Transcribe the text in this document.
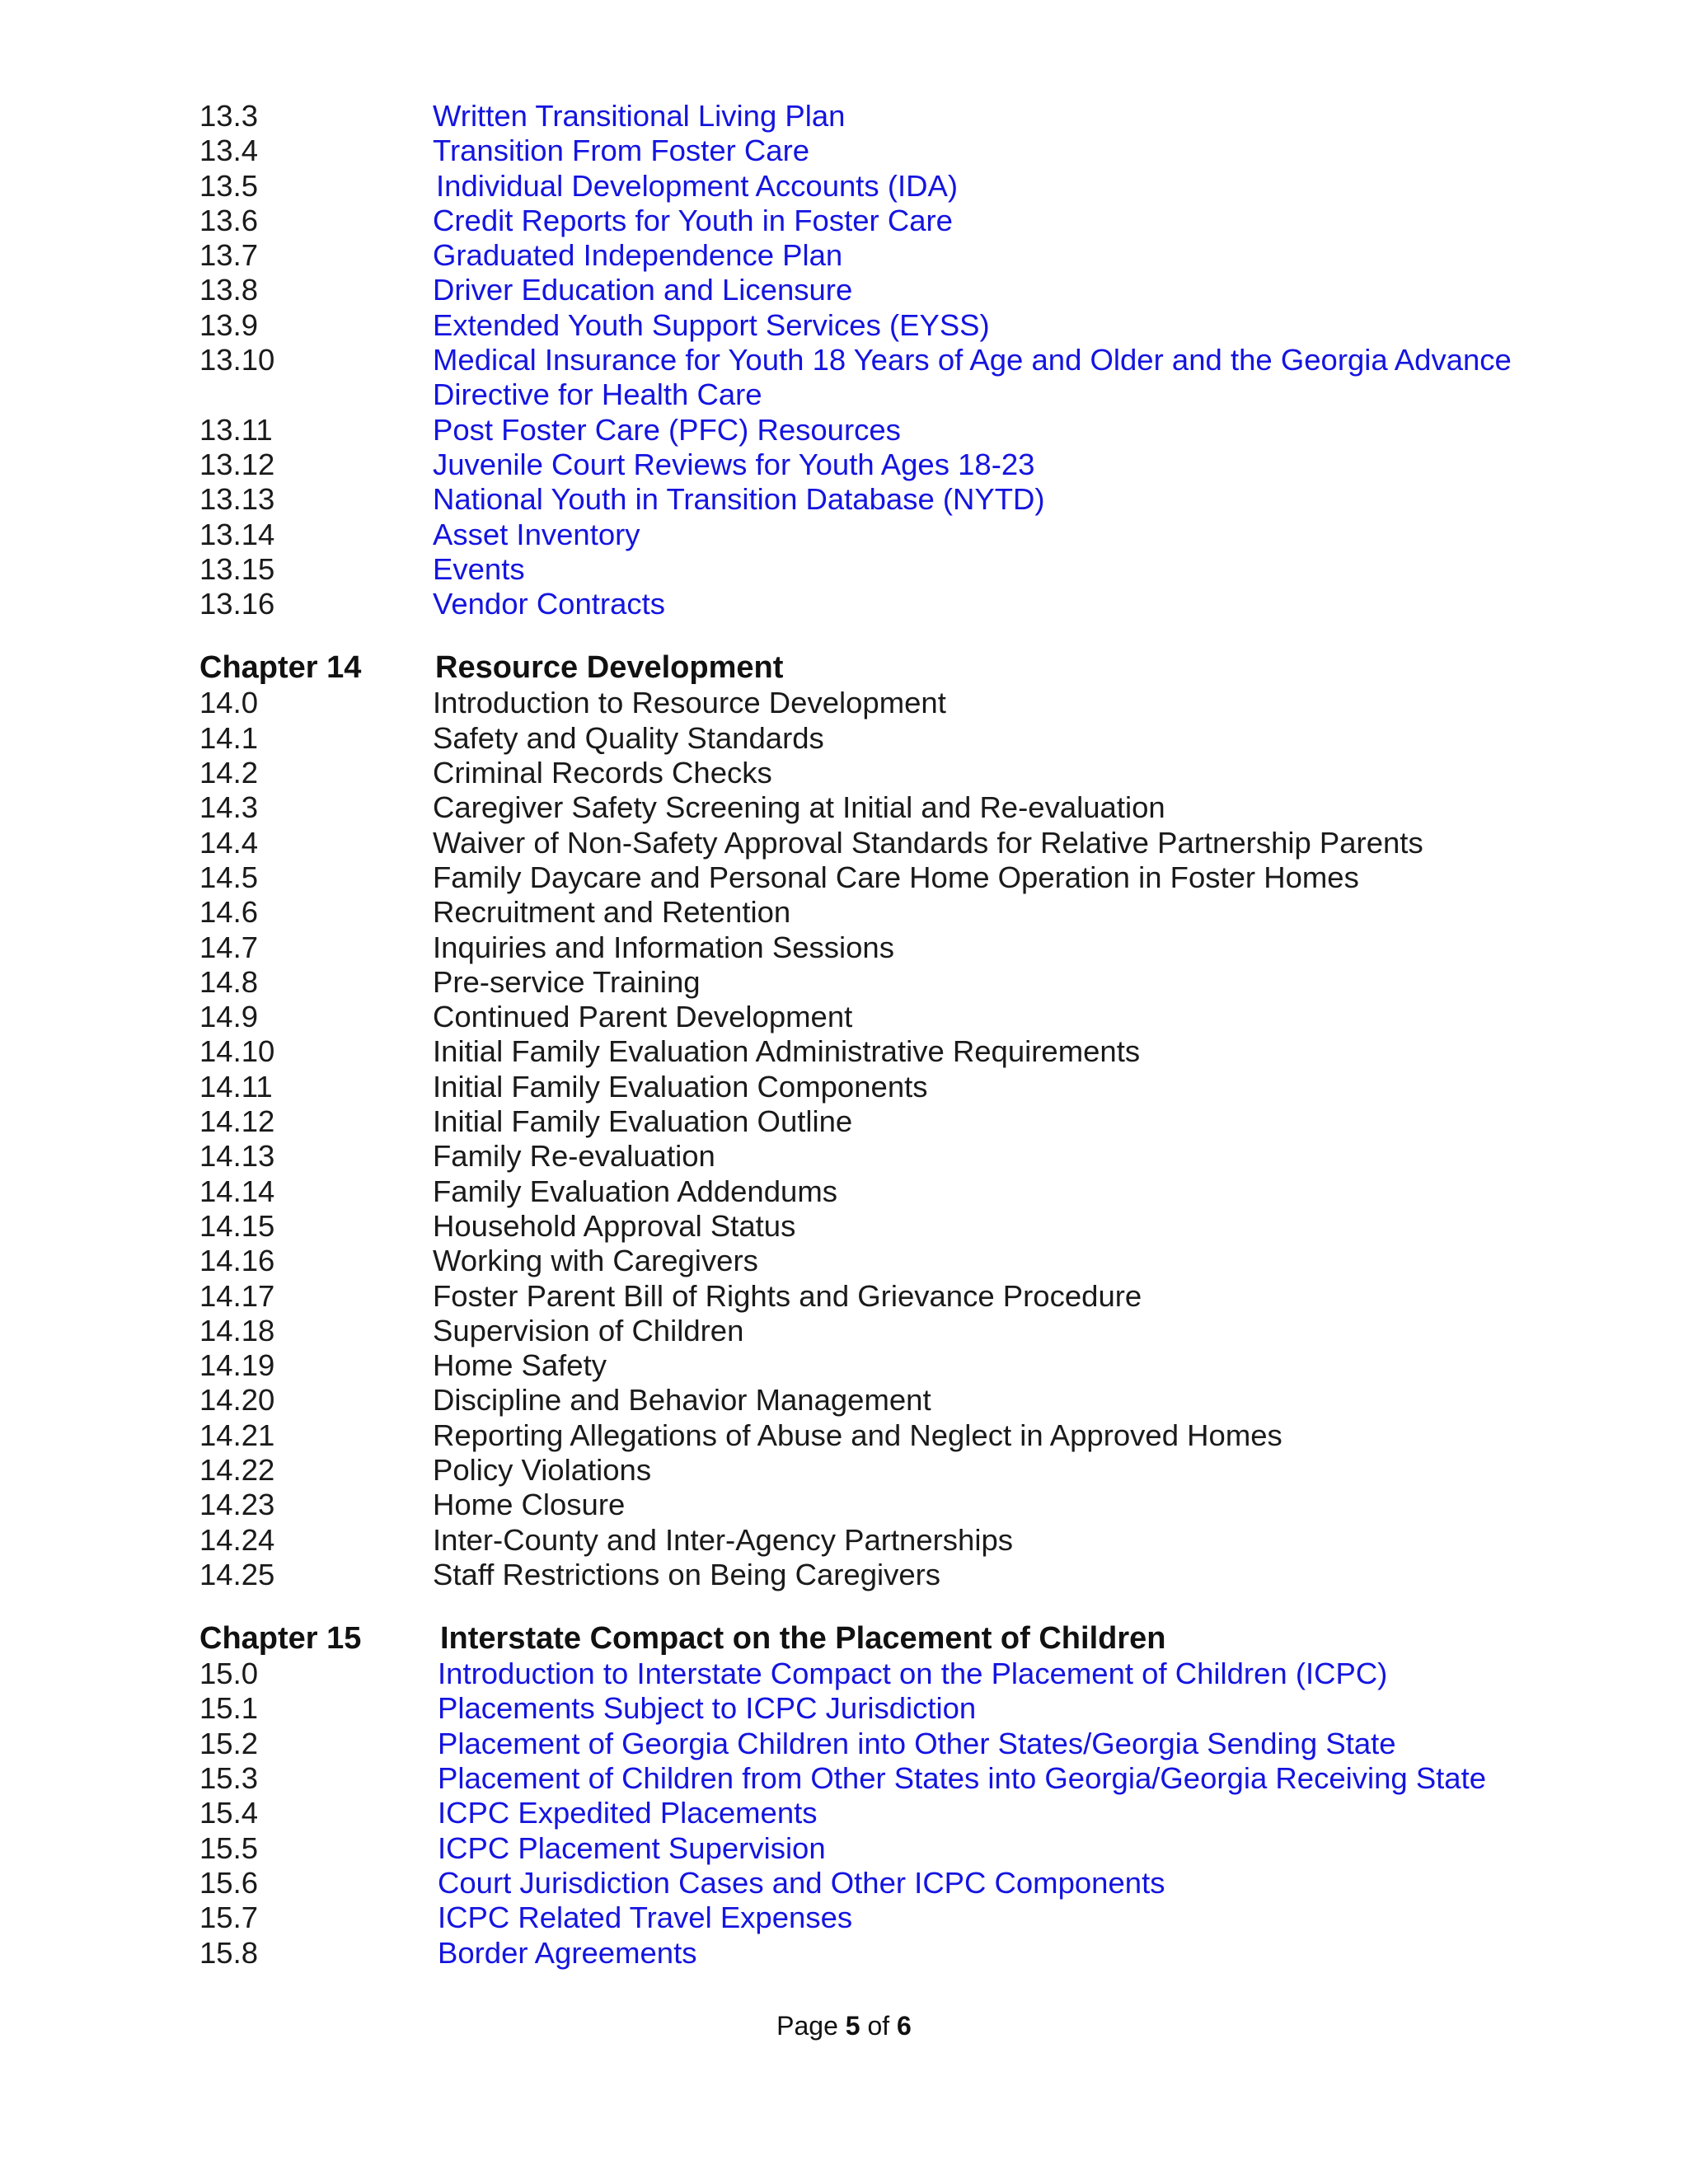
13.3	Written Transitional Living Plan
13.4	Transition From Foster Care
13.5	Individual Development Accounts (IDA)
13.6	Credit Reports for Youth in Foster Care
13.7	Graduated Independence Plan
13.8	Driver Education and Licensure
13.9	Extended Youth Support Services (EYSS)
13.10	Medical Insurance for Youth 18 Years of Age and Older and the Georgia Advance Directive for Health Care
13.11	Post Foster Care (PFC) Resources
13.12	Juvenile Court Reviews for Youth Ages 18-23
13.13	National Youth in Transition Database (NYTD)
13.14	Asset Inventory
13.15	Events
13.16	Vendor Contracts
Chapter 14	Resource Development
14.0	Introduction to Resource Development
14.1	Safety and Quality Standards
14.2	Criminal Records Checks
14.3	Caregiver Safety Screening at Initial and Re-evaluation
14.4	Waiver of Non-Safety Approval Standards for Relative Partnership Parents
14.5	Family Daycare and Personal Care Home Operation in Foster Homes
14.6	Recruitment and Retention
14.7	Inquiries and Information Sessions
14.8	Pre-service Training
14.9	Continued Parent Development
14.10	Initial Family Evaluation Administrative Requirements
14.11	Initial Family Evaluation Components
14.12	Initial Family Evaluation Outline
14.13	Family Re-evaluation
14.14	Family Evaluation Addendums
14.15	Household Approval Status
14.16	Working with Caregivers
14.17	Foster Parent Bill of Rights and Grievance Procedure
14.18	Supervision of Children
14.19	Home Safety
14.20	Discipline and Behavior Management
14.21	Reporting Allegations of Abuse and Neglect in Approved Homes
14.22	Policy Violations
14.23	Home Closure
14.24	Inter-County and Inter-Agency Partnerships
14.25	Staff Restrictions on Being Caregivers
Chapter 15	Interstate Compact on the Placement of Children
15.0	Introduction to Interstate Compact on the Placement of Children (ICPC)
15.1	Placements Subject to ICPC Jurisdiction
15.2	Placement of Georgia Children into Other States/Georgia Sending State
15.3	Placement of Children from Other States into Georgia/Georgia Receiving State
15.4	ICPC Expedited Placements
15.5	ICPC Placement Supervision
15.6	Court Jurisdiction Cases and Other ICPC Components
15.7	ICPC Related Travel Expenses
15.8	Border Agreements
Page 5 of 6
